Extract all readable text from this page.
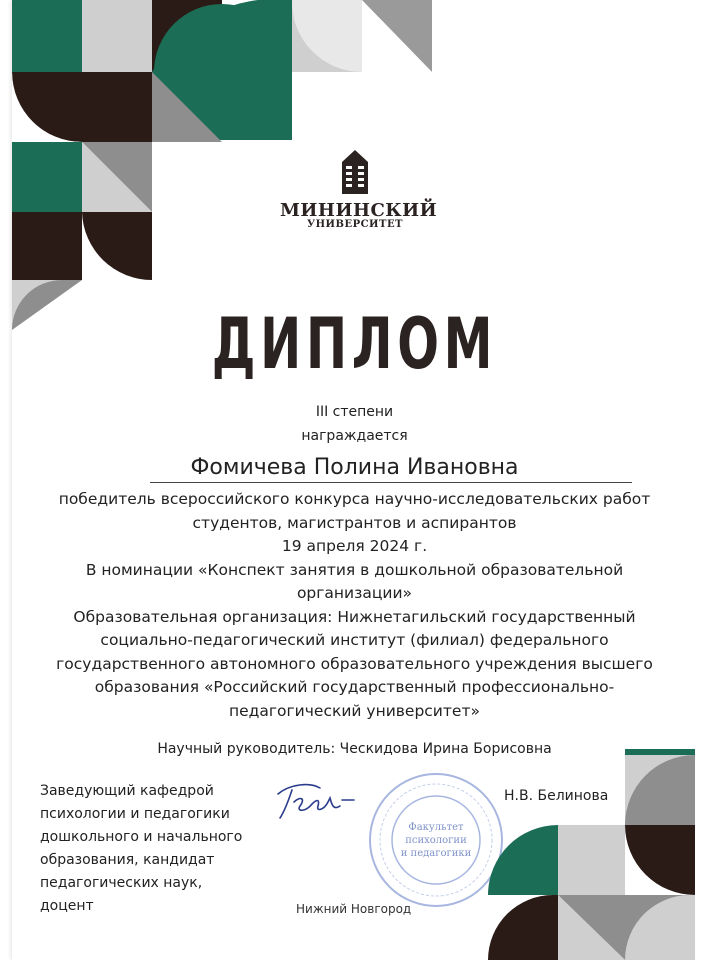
МИНИНСКИЙ
УНИВЕРСИТЕТ
ДИПЛОМ
III степени
награждается
Фомичева Полина Ивановна

победитель всероссийского конкурса научно-исследовательских работ

студентов, магистрантов и аспирантов

19 апреля 2024 г.

В номинации «Конспект занятия в дошкольной образовательной

организации»

Образовательная организация: Нижнетагильский государственный

социально-педагогический институт (филиал) федерального

государственного автономного образовательного учреждения высшего

образования «Российский государственный профессионально-

педагогический университет»

Научный руководитель: Ческидова Ирина Борисовна
Заведующий кафедрой
психологии и педагогики
дошкольного и начального
образования, кандидат
педагогических наук,
доцент
Факультет
психологии
и педагогики
Н.В. Белинова
Нижний Новгород
